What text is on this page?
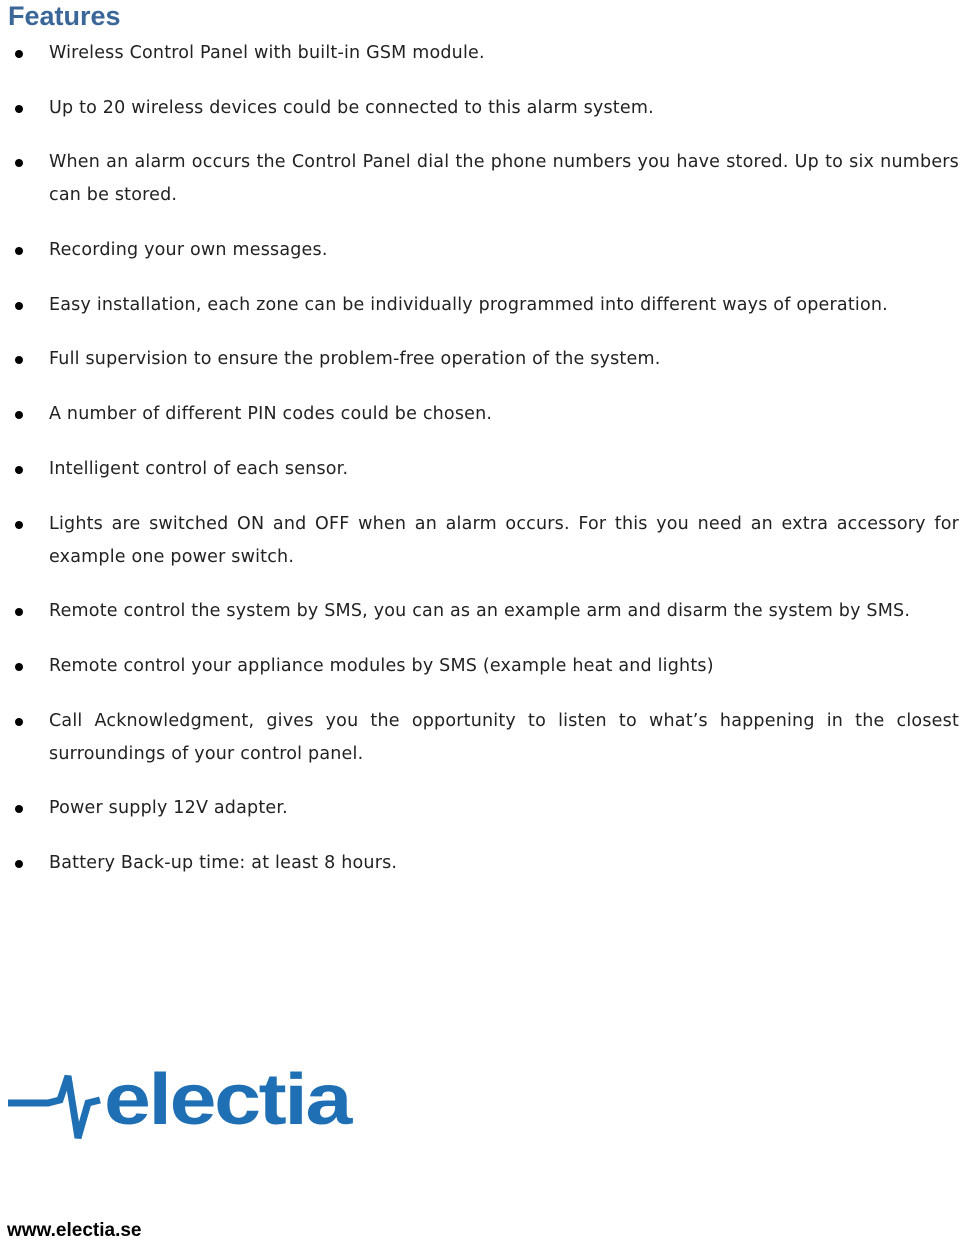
Features

Wireless Control Panel with built-in GSM module.

Up to 20 wireless devices could be connected to this alarm system.

When an alarm occurs the Control Panel dial the phone numbers you have stored. Up to six numbers can be stored.

Recording your own messages.

Easy installation, each zone can be individually programmed into different ways of operation.

Full supervision to ensure the problem-free operation of the system.

A number of different PIN codes could be chosen.

Intelligent control of each sensor.

Lights are switched ON and OFF when an alarm occurs. For this you need an extra accessory for example one power switch.

Remote control the system by SMS, you can as an example arm and disarm the system by SMS.

Remote control your appliance modules by SMS (example heat and lights)

Call Acknowledgment, gives you the opportunity to listen to what’s happening in the closest surroundings of your control panel.

Power supply 12V adapter.

Battery Back-up time: at least 8 hours.

electia

www.electia.se
